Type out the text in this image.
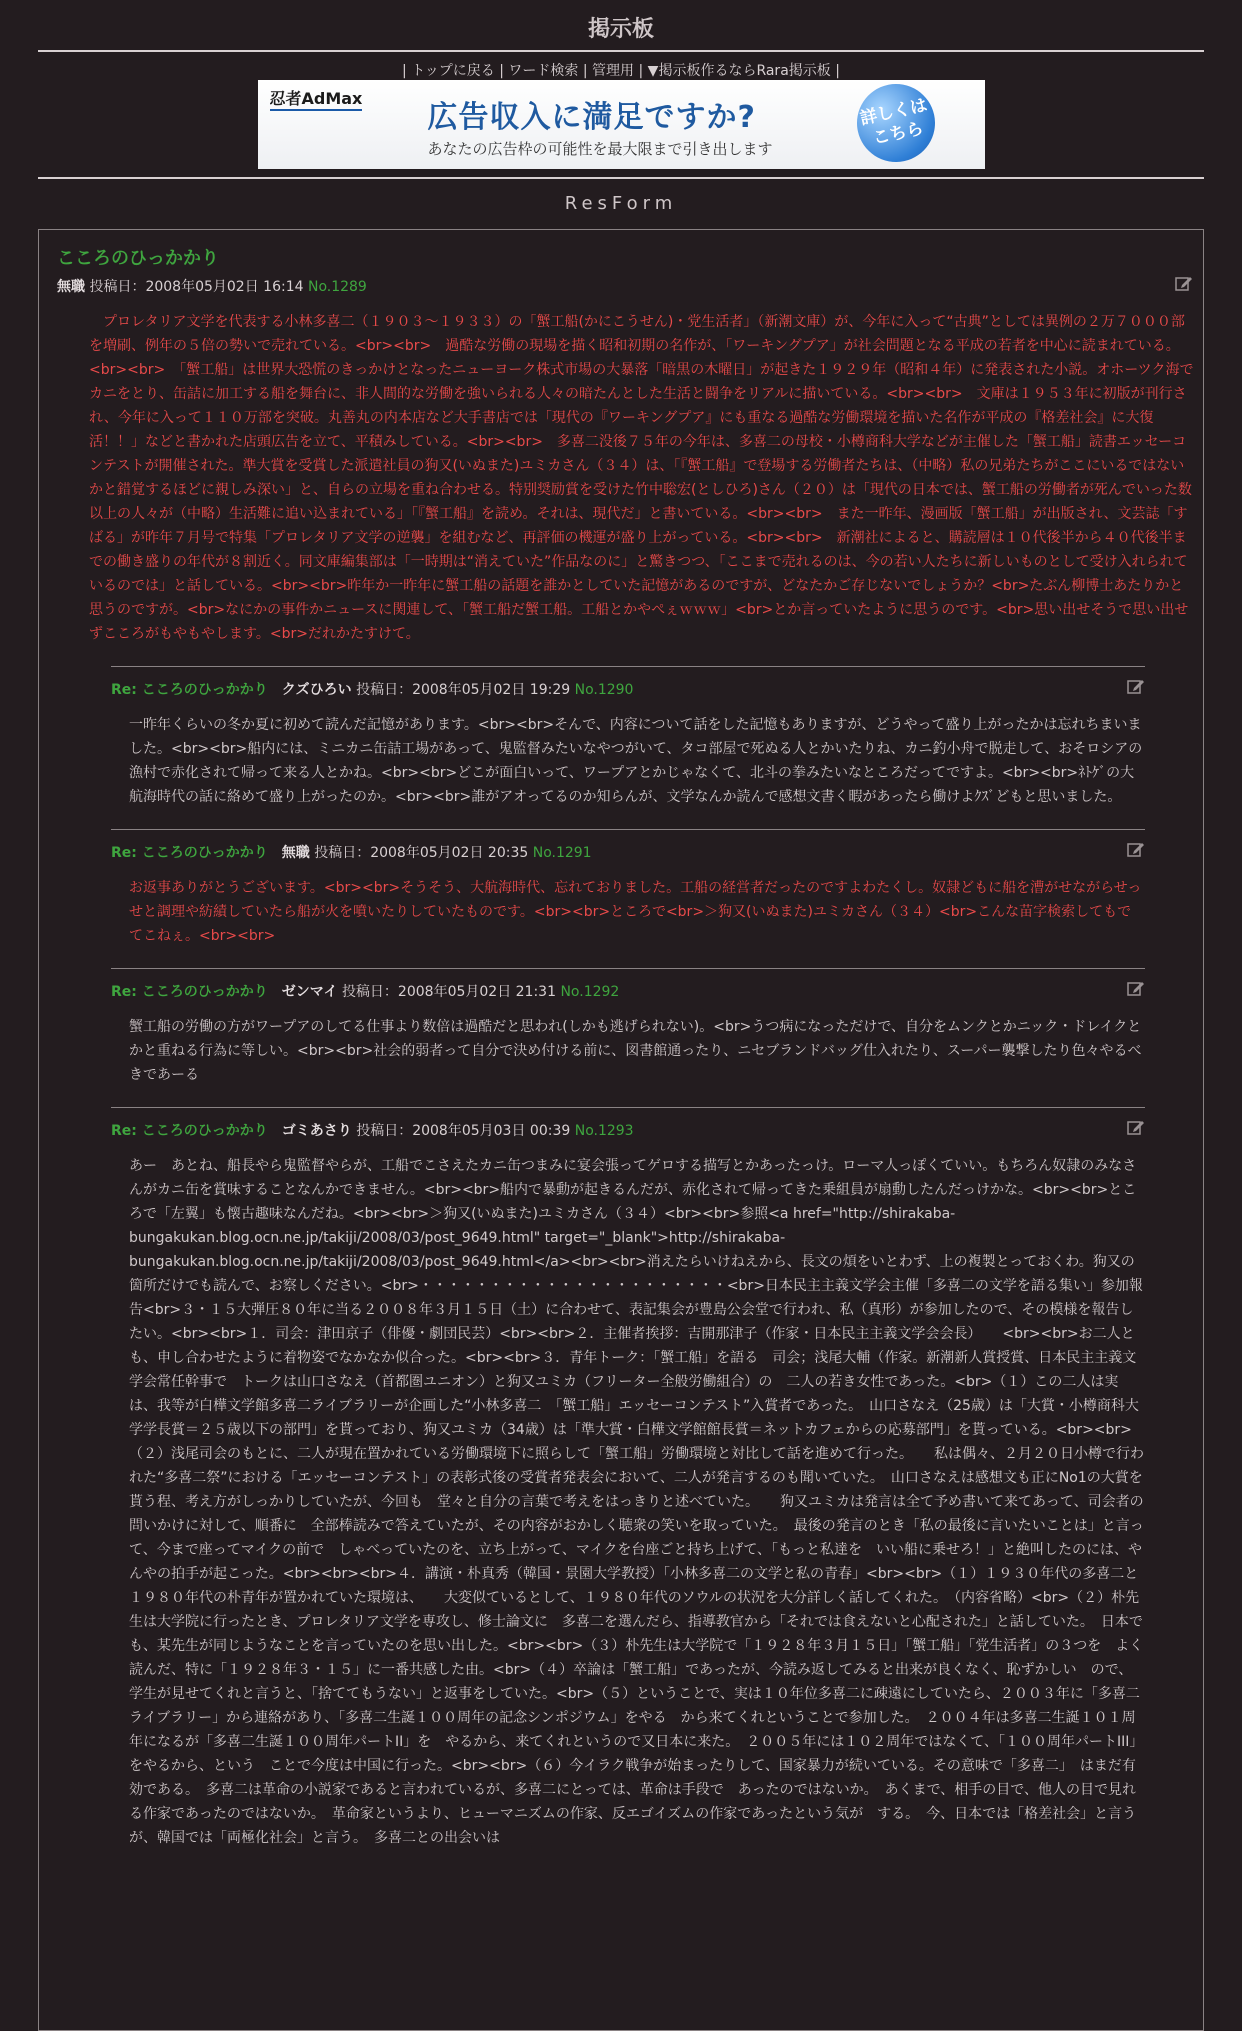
掲示板
| トップに戻る | ワード検索 | 管理用 | ▼掲示板作るならRara掲示板 |
忍者AdMax
広告収入に満足ですか?
あなたの広告枠の可能性を最大限まで引き出します
詳しくは こちら
ResForm
こころのひっかかり
無職 投稿日：2008年05月02日 16:14 No.1289
　プロレタリア文学を代表する小林多喜二（１９０３～１９３３）の「蟹工船(かにこうせん)・党生活者」（新潮文庫）が、今年に入って“古典”としては異例の２万７０００部を増刷、例年の５倍の勢いで売れている。<br><br>　過酷な労働の現場を描く昭和初期の名作が、「ワーキングプア」が社会問題となる平成の若者を中心に読まれている。<br><br>　「蟹工船」は世界大恐慌のきっかけとなったニューヨーク株式市場の大暴落「暗黒の木曜日」が起きた１９２９年（昭和４年）に発表された小説。オホーツク海でカニをとり、缶詰に加工する船を舞台に、非人間的な労働を強いられる人々の暗たんとした生活と闘争をリアルに描いている。<br><br>　文庫は１９５３年に初版が刊行され、今年に入って１１０万部を突破。丸善丸の内本店など大手書店では「現代の『ワーキングプア』にも重なる過酷な労働環境を描いた名作が平成の『格差社会』に大復活！！」などと書かれた店頭広告を立て、平積みしている。<br><br>　多喜二没後７５年の今年は、多喜二の母校・小樽商科大学などが主催した「蟹工船」読書エッセーコンテストが開催された。準大賞を受賞した派遣社員の狗又(いぬまた)ユミカさん（３４）は、「『蟹工船』で登場する労働者たちは、（中略）私の兄弟たちがここにいるではないかと錯覚するほどに親しみ深い」と、自らの立場を重ね合わせる。特別奨励賞を受けた竹中聡宏(としひろ)さん（２０）は「現代の日本では、蟹工船の労働者が死んでいった数以上の人々が（中略）生活難に追い込まれている」「『蟹工船』を読め。それは、現代だ」と書いている。<br><br>　また一昨年、漫画版「蟹工船」が出版され、文芸誌「すばる」が昨年７月号で特集「プロレタリア文学の逆襲」を組むなど、再評価の機運が盛り上がっている。<br><br>　新潮社によると、購読層は１０代後半から４０代後半までの働き盛りの年代が８割近く。同文庫編集部は「一時期は“消えていた”作品なのに」と驚きつつ、「ここまで売れるのは、今の若い人たちに新しいものとして受け入れられているのでは」と話している。<br><br>昨年か一昨年に蟹工船の話題を誰かとしていた記憶があるのですが、どなたかご存じないでしょうか？<br>たぶん柳博士あたりかと思うのですが。<br>なにかの事件かニュースに関連して、「蟹工船だ蟹工船。工船とかやぺぇｗｗｗ」<br>とか言っていたように思うのです。<br>思い出せそうで思い出せずこころがもやもやします。<br>だれかたすけて。
Re: こころのひっかかり クズひろい 投稿日：2008年05月02日 19:29 No.1290
一昨年くらいの冬か夏に初めて読んだ記憶があります。<br><br>そんで、内容について話をした記憶もありますが、どうやって盛り上がったかは忘れちまいました。<br><br>船内には、ミニカニ缶詰工場があって、鬼監督みたいなやつがいて、タコ部屋で死ぬる人とかいたりね、カニ釣小舟で脱走して、おそロシアの漁村で赤化されて帰って来る人とかね。<br><br>どこが面白いって、ワープアとかじゃなくて、北斗の拳みたいなところだってですよ。<br><br>ﾈﾄｹﾞの大航海時代の話に絡めて盛り上がったのか。<br><br>誰がアオってるのか知らんが、文学なんか読んで感想文書く暇があったら働けよｸｽﾞどもと思いました。
Re: こころのひっかかり 無職 投稿日：2008年05月02日 20:35 No.1291
お返事ありがとうございます。<br><br>そうそう、大航海時代、忘れておりました。工船の経営者だったのですよわたくし。奴隷どもに船を漕がせながらせっせと調理や紡績していたら船が火を噴いたりしていたものです。<br><br>ところで<br>＞狗又(いぬまた)ユミカさん（３４）<br>こんな苗字検索してもでてこねぇ。<br><br>
Re: こころのひっかかり ゼンマイ 投稿日：2008年05月02日 21:31 No.1292
蟹工船の労働の方がワープアのしてる仕事より数倍は過酷だと思われ(しかも逃げられない)。<br>うつ病になっただけで、自分をムンクとかニック・ドレイクとかと重ねる行為に等しい。<br><br>社会的弱者って自分で決め付ける前に、図書館通ったり、ニセブランドバッグ仕入れたり、スーパー襲撃したり色々やるべきであーる
Re: こころのひっかかり ゴミあさり 投稿日：2008年05月03日 00:39 No.1293
あー　あとね、船長やら鬼監督やらが、工船でこさえたカニ缶つまみに宴会張ってゲロする描写とかあったっけ。ローマ人っぽくていい。もちろん奴隷のみなさんがカニ缶を賞味することなんかできません。<br><br>船内で暴動が起きるんだが、赤化されて帰ってきた乗組員が扇動したんだっけかな。<br><br>ところで「左翼」も懐古趣味なんだね。<br><br>＞狗又(いぬまた)ユミカさん（３４）<br><br>参照<a href="http://shirakaba-bungakukan.blog.ocn.ne.jp/takiji/2008/03/post_9649.html" target="_blank">http://shirakaba-bungakukan.blog.ocn.ne.jp/takiji/2008/03/post_9649.html</a><br><br>消えたらいけねえから、長文の煩をいとわず、上の複製とっておくわ。狗又の箇所だけでも読んで、お察しください。<br>・・・・・・・・・・・・・・・・・・・・・・<br>日本民主主義文学会主催「多喜二の文学を語る集い」参加報告<br>３・１５大弾圧８０年に当る２００８年３月１５日（土）に合わせて、表記集会が豊島公会堂で行われ、私（真形）が参加したので、その模様を報告したい。<br><br>１．司会：津田京子（俳優・劇団民芸）<br><br>２．主催者挨拶：吉開那津子（作家・日本民主主義文学会会長）　　<br><br>お二人とも、申し合わせたように着物姿でなかなか似合った。<br><br>３．青年トーク：「蟹工船」を語る　司会；浅尾大輔（作家。新潮新人賞授賞、日本民主主義文学会常任幹事で　トークは山口さなえ（首都圏ユニオン）と狗又ユミカ（フリーター全般労働組合）の　二人の若き女性であった。<br>（１）この二人は実は、我等が白樺文学館多喜二ライブラリーが企画した“小林多喜二　「蟹工船」エッセーコンテスト”入賞者であった。　山口さなえ（25歳）は「大賞・小樽商科大学学長賞＝２５歳以下の部門」を貰っており、狗又ユミカ（34歳）は「準大賞・白樺文学館館長賞＝ネットカフェからの応募部門」を貰っている。<br><br>（２）浅尾司会のもとに、二人が現在置かれている労働環境下に照らして「蟹工船」労働環境と対比して話を進めて行った。　　私は偶々、２月２０日小樽で行われた“多喜二祭”における「エッセーコンテスト」の表彰式後の受賞者発表会において、二人が発言するのも聞いていた。　山口さなえは感想文も正にNo1の大賞を貰う程、考え方がしっかりしていたが、今回も　堂々と自分の言葉で考えをはっきりと述べていた。　　狗又ユミカは発言は全て予め書いて来てあって、司会者の問いかけに対して、順番に　全部棒読みで答えていたが、その内容がおかしく聴衆の笑いを取っていた。　最後の発言のとき「私の最後に言いたいことは」と言って、今まで座ってマイクの前で　しゃべっていたのを、立ち上がって、マイクを台座ごと持ち上げて、「もっと私達を　いい船に乗せろ！」と絶叫したのには、やんやの拍手が起こった。<br><br><br>４．講演・朴真秀（韓国・景園大学教授）「小林多喜二の文学と私の青春」<br><br>（１）１９３０年代の多喜二と１９８０年代の朴青年が置かれていた環境は、　　大変似ているとして、１９８０年代のソウルの状況を大分詳しく話してくれた。　（内容省略）<br>（２）朴先生は大学院に行ったとき、プロレタリア文学を専攻し、修士論文に　多喜二を選んだら、指導教官から「それでは食えないと心配された」と話していた。　日本でも、某先生が同じようなことを言っていたのを思い出した。<br><br>（３）朴先生は大学院で「１９２８年３月１５日」「蟹工船」「党生活者」の３つを　よく読んだ、特に「１９２８年３・１５」に一番共感した由。<br>（４）卒論は「蟹工船」であったが、今読み返してみると出来が良くなく、恥ずかしい　ので、学生が見せてくれと言うと、「捨ててもうない」と返事をしていた。<br>（５）ということで、実は１０年位多喜二に疎遠にしていたら、２００３年に「多喜二　ライブラリー」から連絡があり、「多喜二生誕１００周年の記念シンポジウム」をやる　から来てくれということで参加した。　２００４年は多喜二生誕１０１周年になるが「多喜二生誕１００周年パートII」を　やるから、来てくれというので又日本に来た。　２００５年には１０２周年ではなくて、「１００周年パートIII」をやるから、という　ことで今度は中国に行った。<br><br>（６）今イラク戦争が始まったりして、国家暴力が続いている。その意味で「多喜二」　はまだ有効である。　多喜二は革命の小説家であると言われているが、多喜二にとっては、革命は手段で　あったのではないか。　あくまで、相手の目で、他人の目で見れる作家であったのではないか。　革命家というより、ヒューマニズムの作家、反エゴイズムの作家であったという気が　する。　今、日本では「格差社会」と言うが、韓国では「両極化社会」と言う。　多喜二との出会いは
